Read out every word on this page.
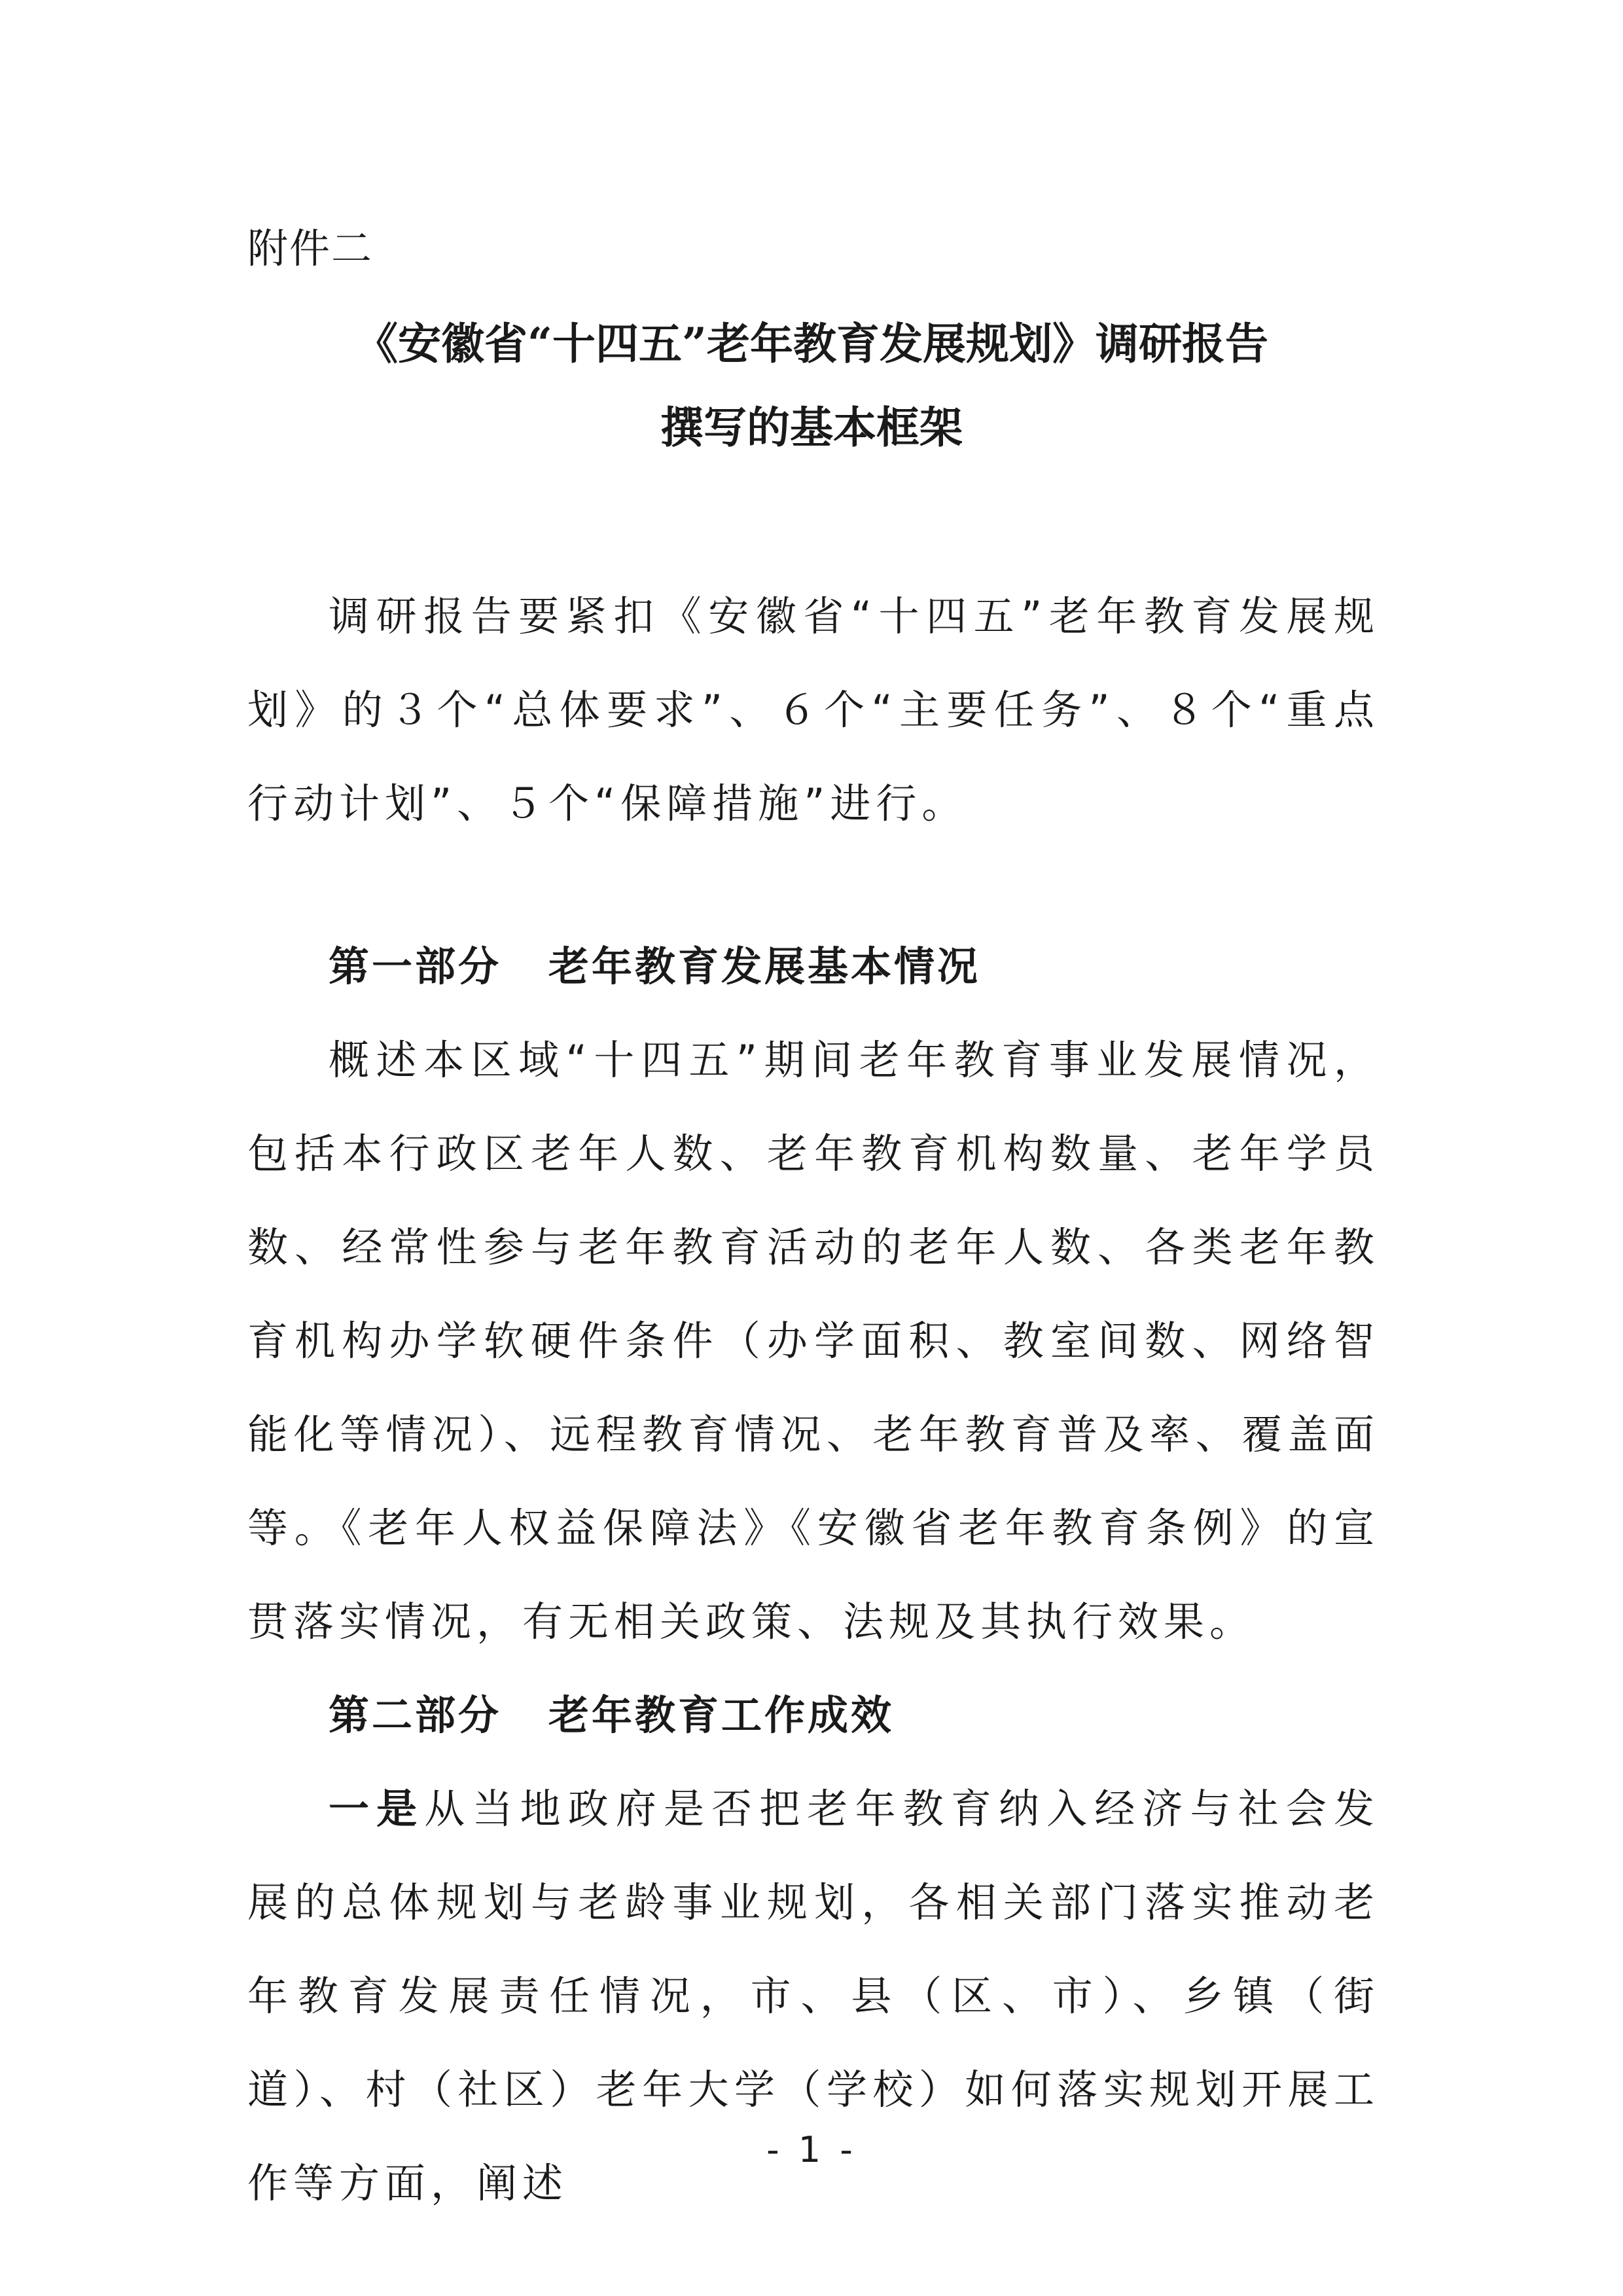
附件二
《安徽省“十四五”老年教育发展规划》调研报告
撰写的基本框架

调研报告要紧扣《安徽省“十四五”老年教育发展规划》的３个“总体要求”、６个“主要任务”、８个“重点行动计划”、５个“保障措施”进行。

第一部分 老年教育发展基本情况

概述本区域“十四五”期间老年教育事业发展情况，包括本行政区老年人数、老年教育机构数量、老年学员数、经常性参与老年教育活动的老年人数、各类老年教育机构办学软硬件条件（办学面积、教室间数、网络智能化等情况）、远程教育情况、老年教育普及率、覆盖面等。《老年人权益保障法》《安徽省老年教育条例》的宣贯落实情况，有无相关政策、法规及其执行效果。

第二部分 老年教育工作成效

一是从当地政府是否把老年教育纳入经济与社会发展的总体规划与老龄事业规划，各相关部门落实推动老年教育发展责任情况，市、县（区、市）、乡镇（街道）、村（社区）老年大学（学校）如何落实规划开展工作等方面，阐述

- 1 -
